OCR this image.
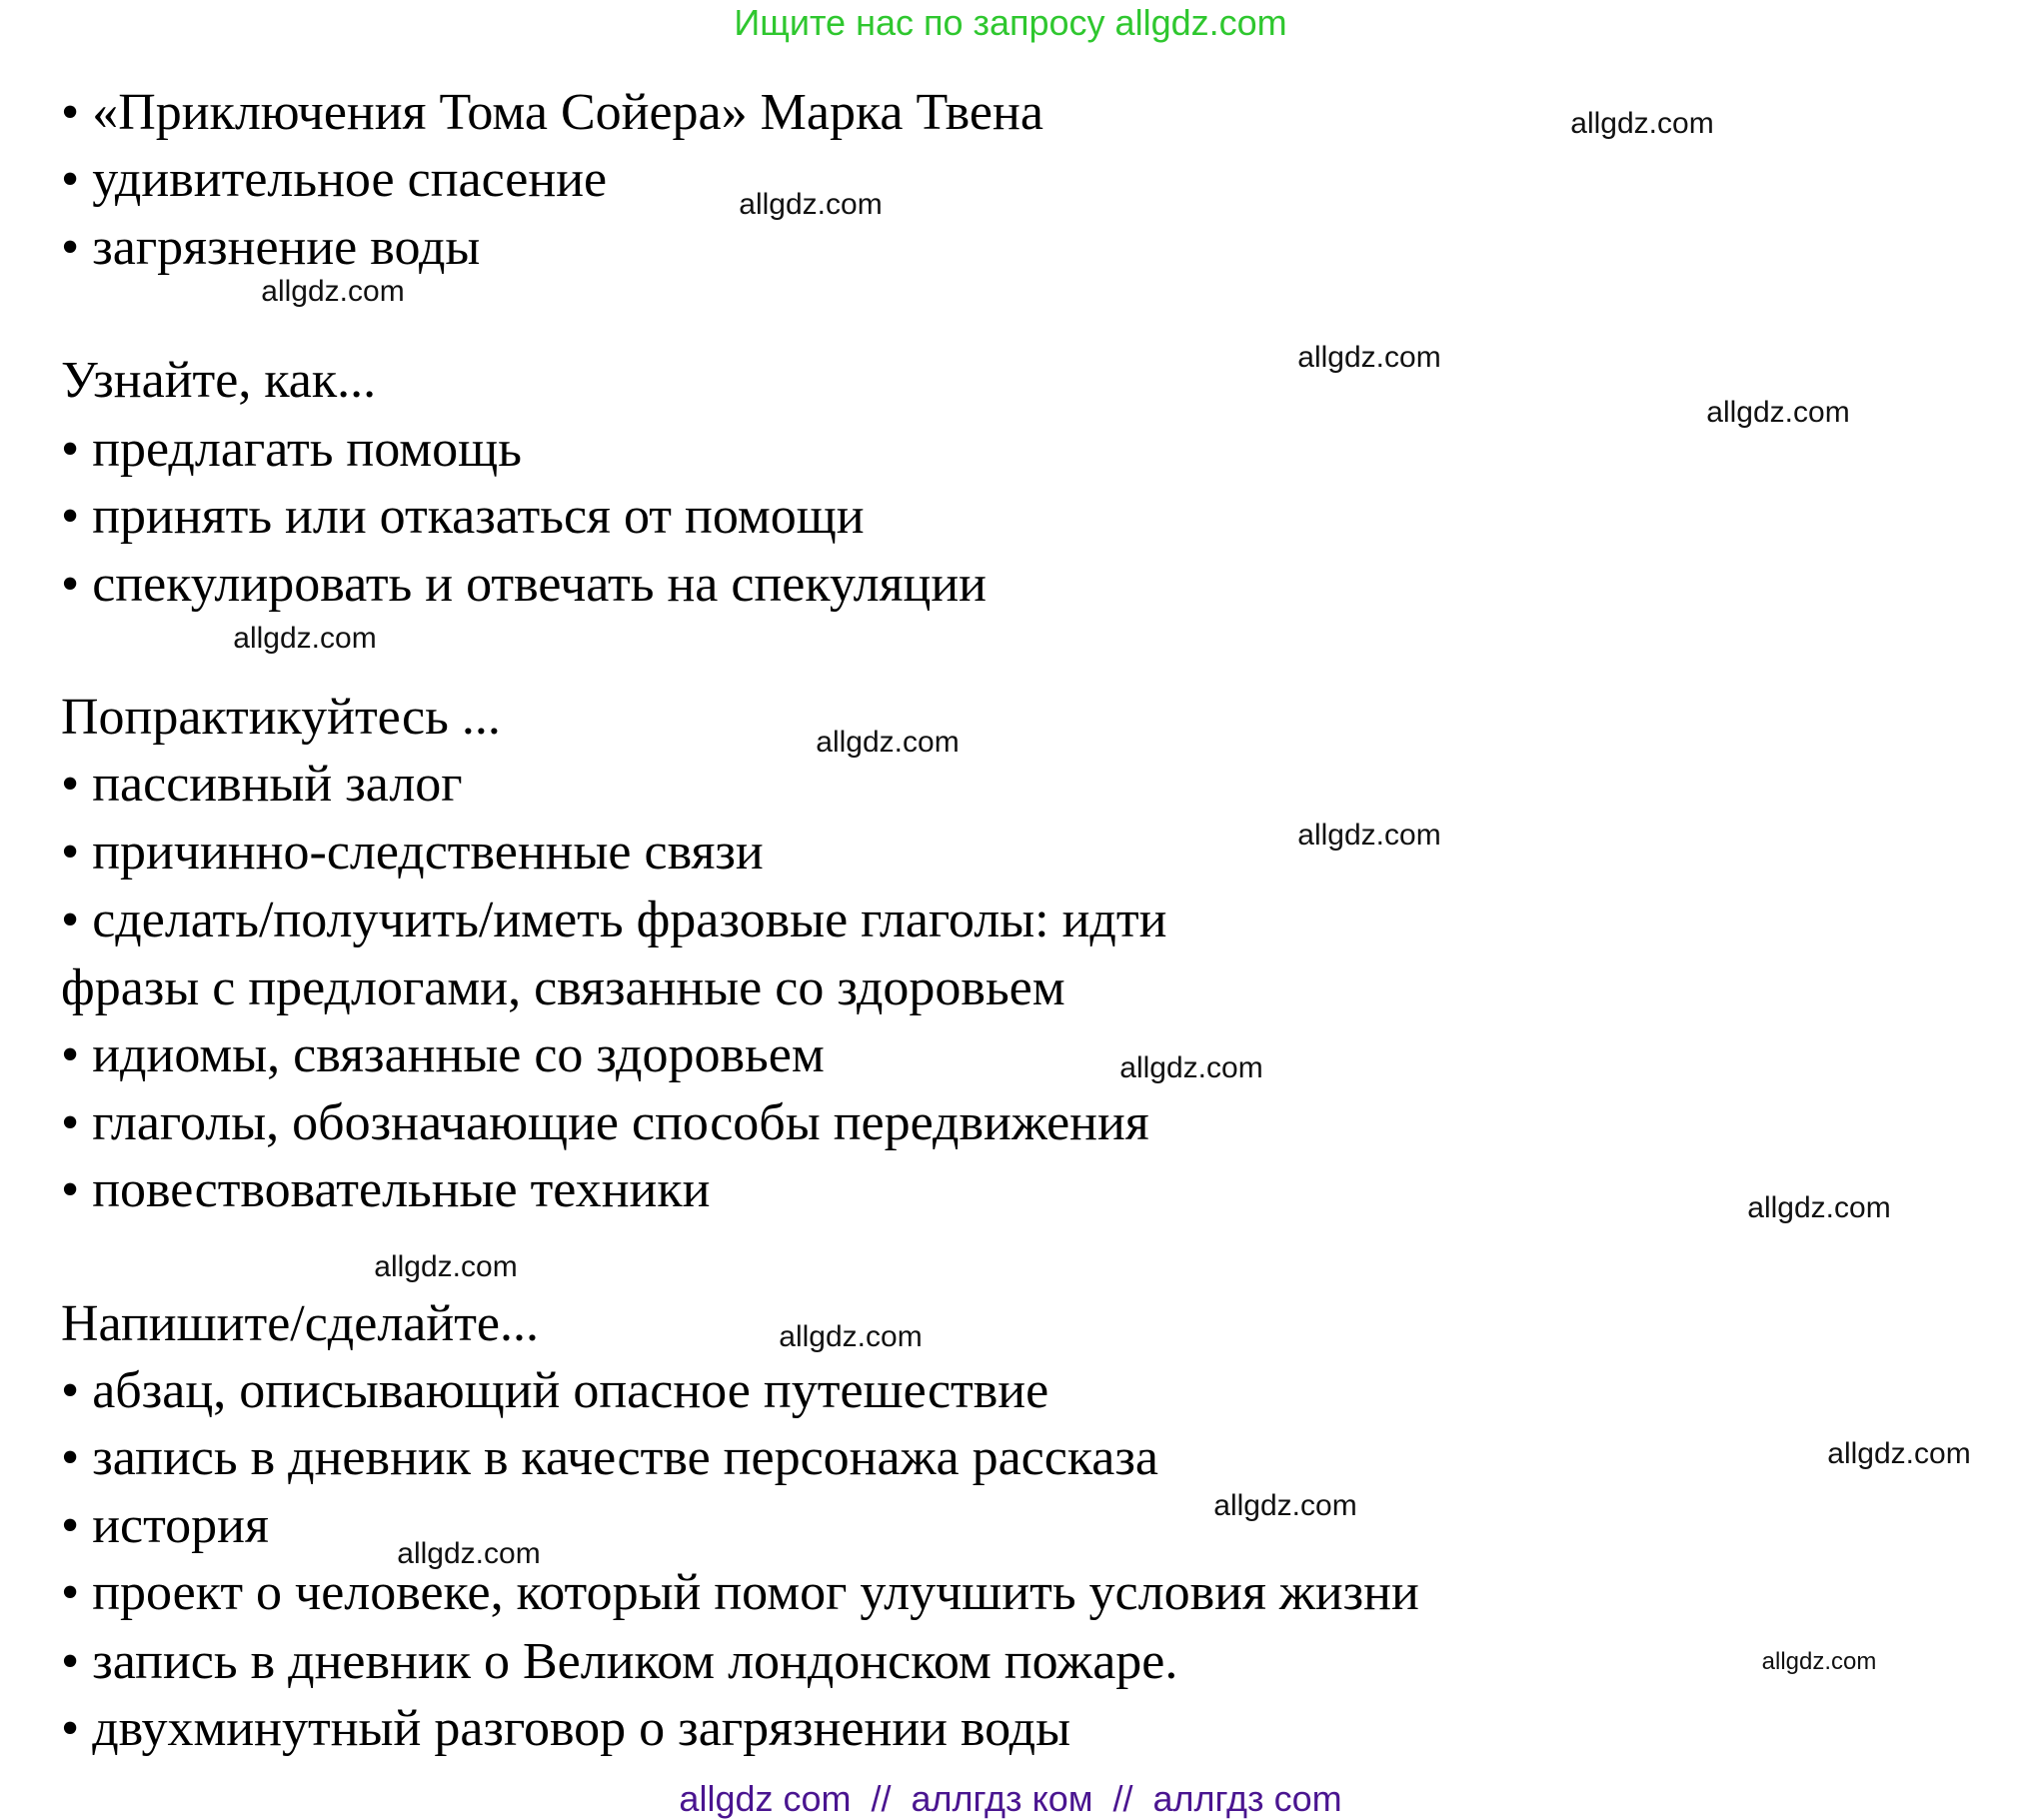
Ищите нас по запросу allgdz.com
• «Приключения Тома Сойера» Марка Твена
• удивительное спасение
• загрязнение воды
Узнайте, как...
• предлагать помощь
• принять или отказаться от помощи
• спекулировать и отвечать на спекуляции
Попрактикуйтесь ...
• пассивный залог
• причинно-следственные связи
• сделать/получить/иметь фразовые глаголы: идти
фразы с предлогами, связанные со здоровьем
• идиомы, связанные со здоровьем
• глаголы, обозначающие способы передвижения
• повествовательные техники
Напишите/сделайте...
• абзац, описывающий опасное путешествие
• запись в дневник в качестве персонажа рассказа
• история
• проект о человеке, который помог улучшить условия жизни
• запись в дневник о Великом лондонском пожаре.
• двухминутный разговор о загрязнении воды
allgdz.com
allgdz.com
allgdz.com
allgdz.com
allgdz.com
allgdz.com
allgdz.com
allgdz.com
allgdz.com
allgdz.com
allgdz.com
allgdz.com
allgdz.com
allgdz.com
allgdz.com
allgdz.com
allgdz com  //  аллгдз ком  //  аллгдз com
